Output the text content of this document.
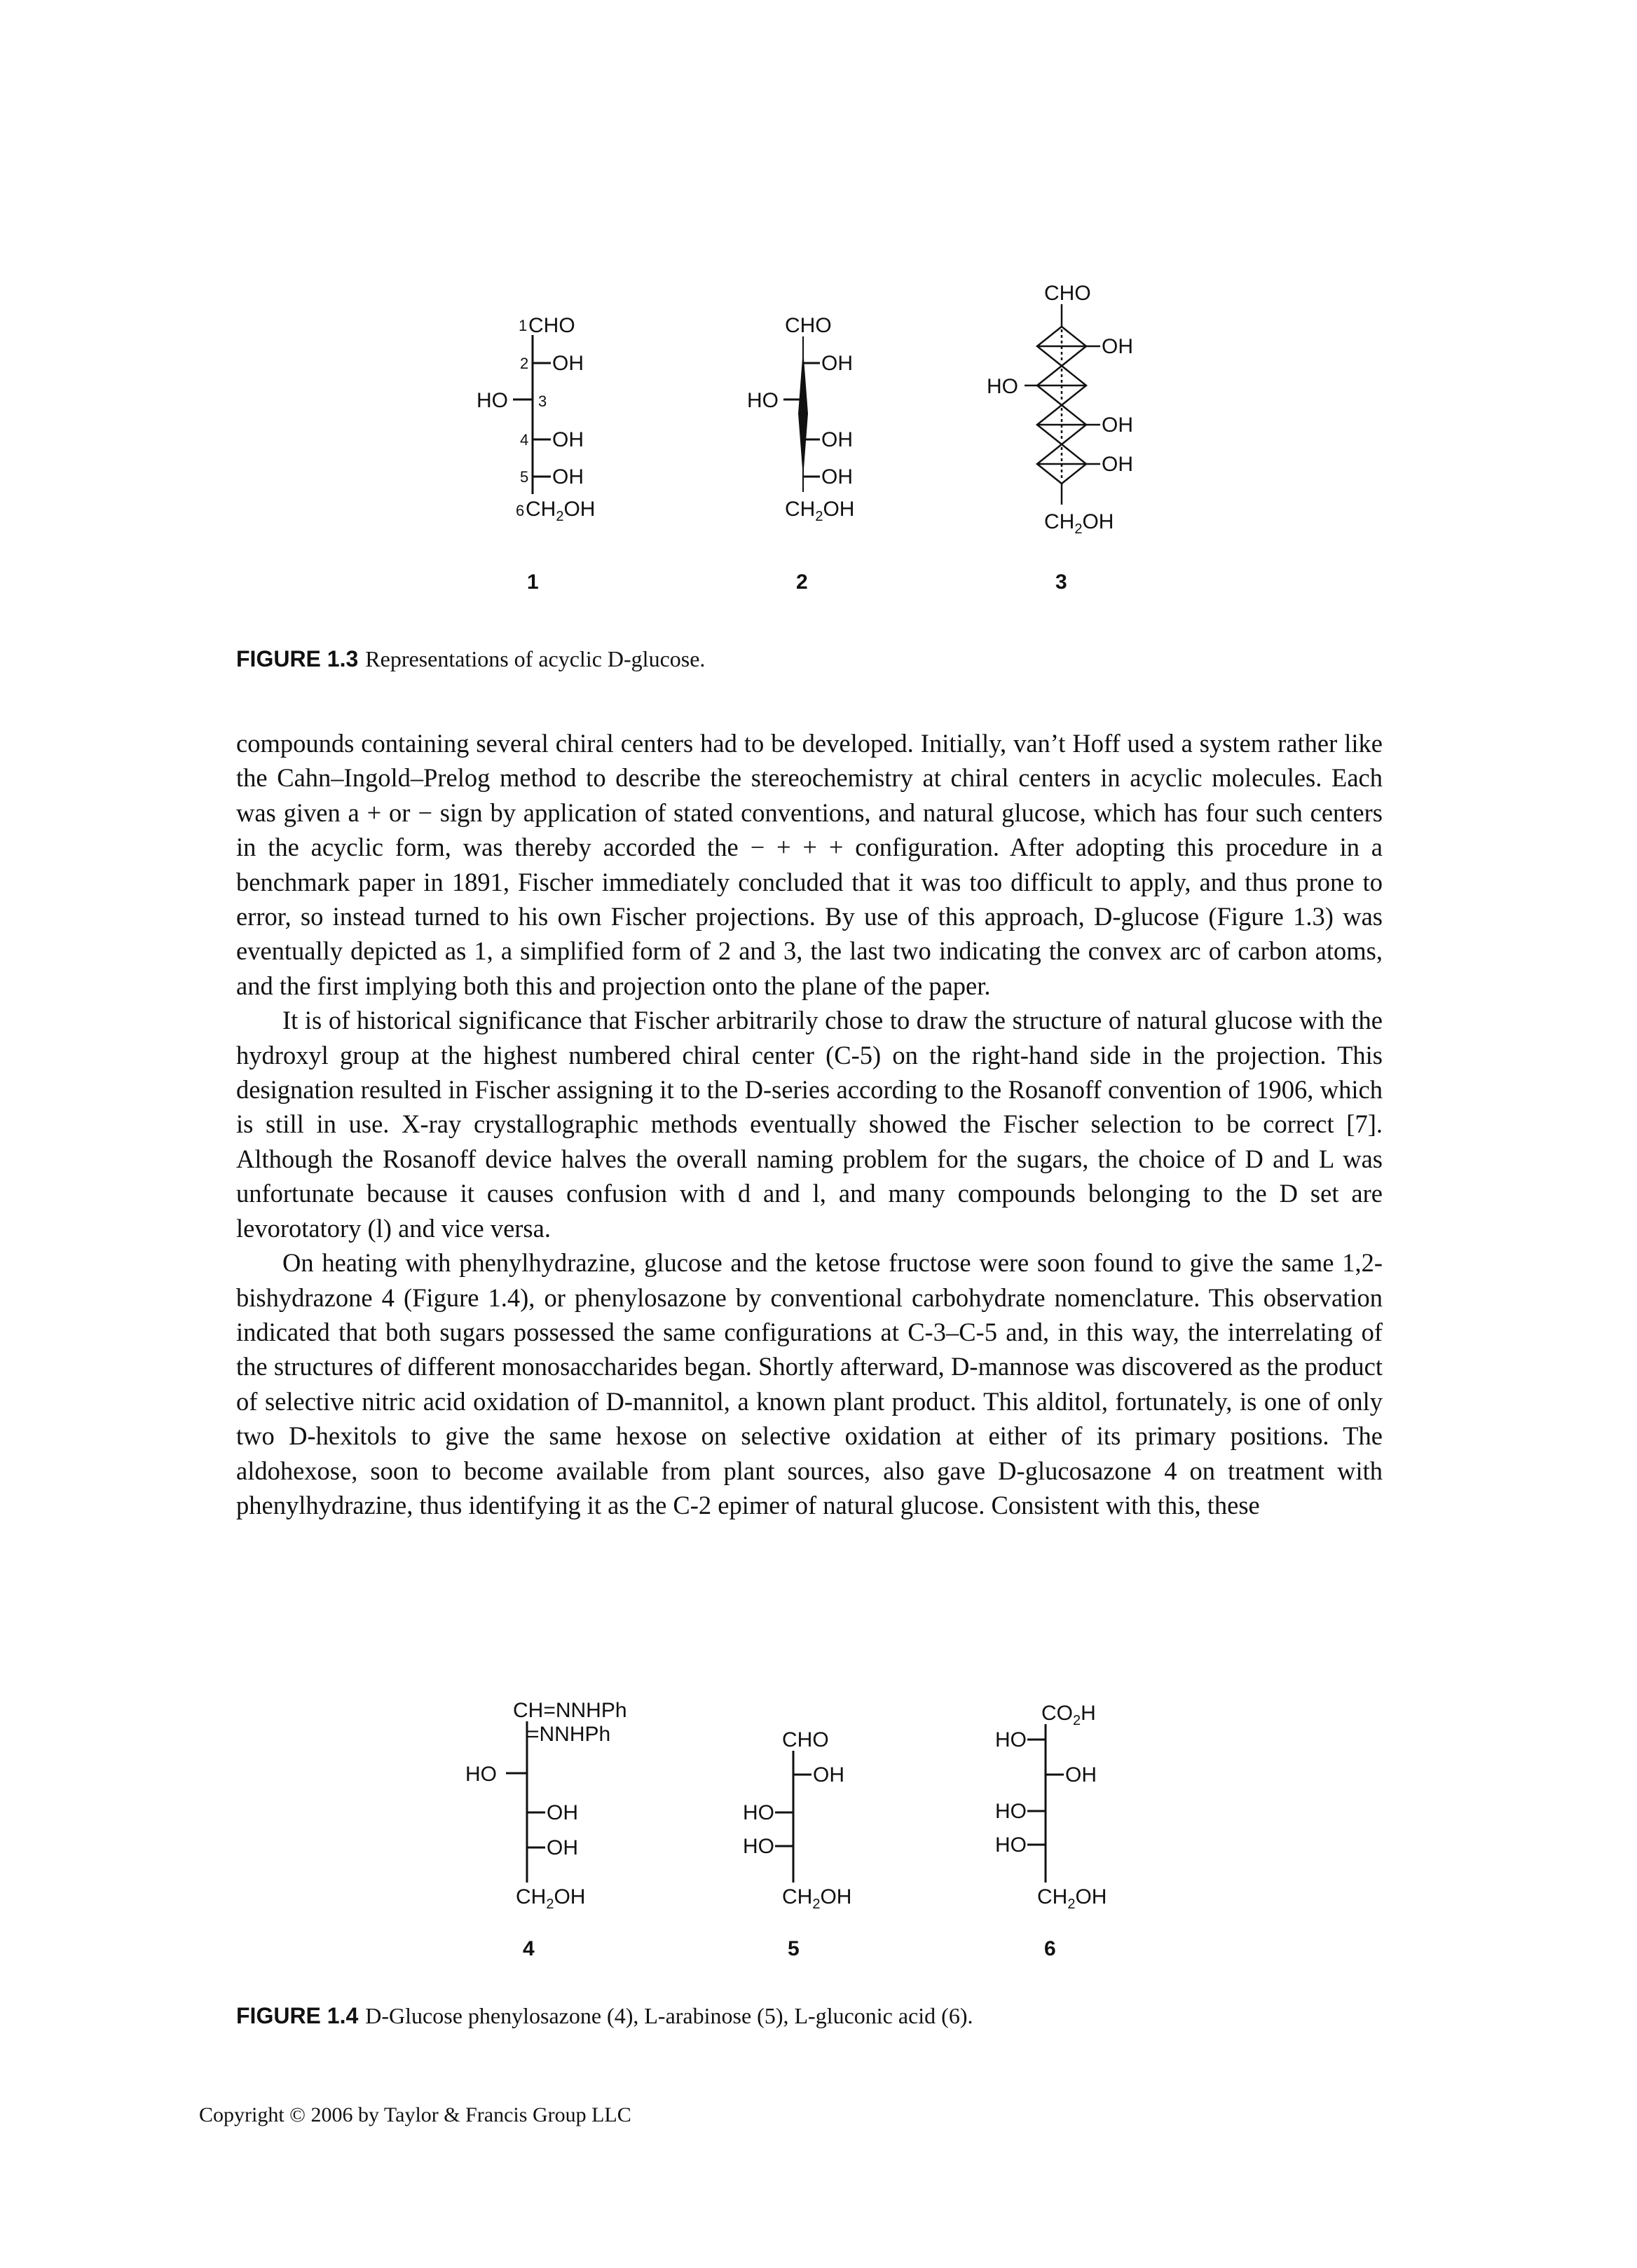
1 CHO
2
3
4
5
OH
HO
OH
OH
6 $CH_2OH$
1
CHO
OH
HO
OH
OH
$CH_2OH$
2
CHO
OH
HO
OH
OH
$CH_2OH$
3
FIGURE 1.3 Representations of acyclic D-glucose.

compounds containing several chiral centers had to be developed. Initially, van’t Hoff used a system rather like the Cahn–Ingold–Prelog method to describe the stereochemistry at chiral centers in acyclic molecules. Each was given a + or − sign by application of stated conventions, and natural glucose, which has four such centers in the acyclic form, was thereby accorded the − + + + configuration. After adopting this procedure in a benchmark paper in 1891, Fischer immediately concluded that it was too difficult to apply, and thus prone to error, so instead turned to his own Fischer projections. By use of this approach, D-glucose (Figure 1.3) was eventually depicted as 1, a simplified form of 2 and 3, the last two indicating the convex arc of carbon atoms, and the first implying both this and projection onto the plane of the paper.

It is of historical significance that Fischer arbitrarily chose to draw the structure of natural glucose with the hydroxyl group at the highest numbered chiral center (C-5) on the right-hand side in the projection. This designation resulted in Fischer assigning it to the D-series according to the Rosanoff convention of 1906, which is still in use. X-ray crystallographic methods eventually showed the Fischer selection to be correct [7]. Although the Rosanoff device halves the overall naming problem for the sugars, the choice of D and L was unfortunate because it causes confusion with d and l, and many compounds belonging to the D set are levorotatory (l) and vice versa.

On heating with phenylhydrazine, glucose and the ketose fructose were soon found to give the same 1,2-bishydrazone 4 (Figure 1.4), or phenylosazone by conventional carbohydrate nomenclature. This observation indicated that both sugars possessed the same configurations at C-3–C-5 and, in this way, the interrelating of the structures of different monosaccharides began. Shortly afterward, D-mannose was discovered as the product of selective nitric acid oxidation of D-mannitol, a known plant product. This alditol, fortunately, is one of only two D-hexitols to give the same hexose on selective oxidation at either of its primary positions. The aldohexose, soon to become available from plant sources, also gave D-glucosazone 4 on treatment with phenylhydrazine, thus identifying it as the C-2 epimer of natural glucose. Consistent with this, these

CH=NNHPh
=NNHPh
HO
OH
OH
$CH_2OH$
4
CHO
OH
HO
HO
$CH_2OH$
5
$CO_2H$
HO
OH
HO
HO
$CH_2OH$
6
FIGURE 1.4 D-Glucose phenylosazone (4), L-arabinose (5), L-gluconic acid (6).
Copyright © 2006 by Taylor & Francis Group LLC
